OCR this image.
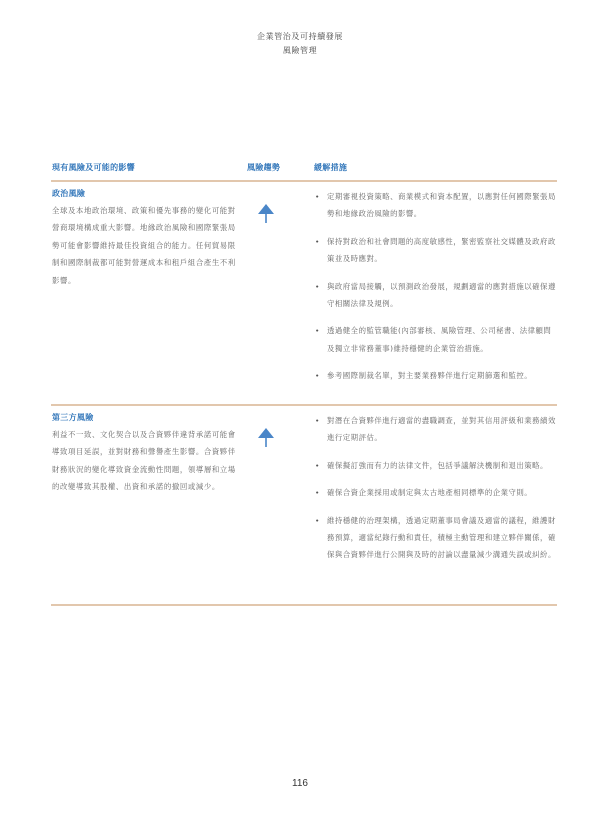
企業管治及可持續發展
風險管理
現有風險及可能的影響	風險趨勢	緩解措施
政治風險
全球及本地政治環境、政策和優先事務的變化可能對營商環境構成重大影響。地緣政治風險和國際緊張局勢可能會影響維持最佳投資組合的能力。任何貿易限制和國際制裁都可能對營運成本和租戶組合產生不利影響。
• 定期審視投資策略、商業模式和資本配置，以應對任何國際緊張局勢和地緣政治風險的影響。
• 保持對政治和社會問題的高度敏感性，緊密監察社交媒體及政府政策並及時應對。
• 與政府當局接觸，以預測政治發展，規劃適當的應對措施以確保遵守相關法律及規例。
• 透過健全的監管職能(內部審核、風險管理、公司秘書、法律顧問及獨立非常務董事)維持穩健的企業管治措施。
• 參考國際制裁名單，對主要業務夥伴進行定期篩選和監控。
第三方風險
利益不一致、文化契合以及合資夥伴違背承諾可能會導致項目延誤，並對財務和聲譽產生影響。合資夥伴財務狀況的變化導致資金流動性問題，領導層和立場的改變導致其股權、出資和承諾的撤回或減少。
• 對潛在合資夥伴進行適當的盡職調查，並對其信用評級和業務績效進行定期評估。
• 確保擬訂強而有力的法律文件，包括爭議解決機制和退出策略。
• 確保合資企業採用或制定與太古地產相同標準的企業守則。
• 維持穩健的治理架構，透過定期董事局會議及適當的議程，維護財務預算，適當紀錄行動和責任，積極主動管理和建立夥伴關係，確保與合資夥伴進行公開與及時的討論以盡量減少溝通失誤或糾紛。
116
